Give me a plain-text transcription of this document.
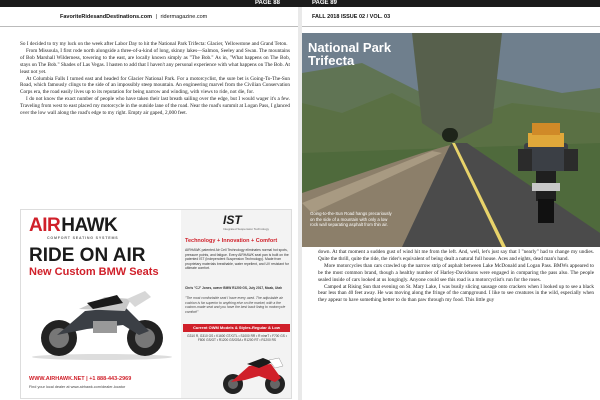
PAGE 88	PAGE 89
FavoriteRidesandDestinations.com | ridermagazine.com

So I decided to try my luck on the week after Labor Day to hit the National Park Trifecta: Glacier, Yellowstone and Grand Teton.

From Missoula, I first rode north alongside a three-of-a-kind of long, skinny lakes—Salmon, Seeley and Swan. The mountains of Bob Marshall Wilderness, towering to the east, are locally known simply as "The Bob." As in, "What happens on The Bob, stays on The Bob." Shades of Las Vegas. I hasten to add that I haven't any personal experience with what happens on The Bob. At least not yet.

At Columbia Falls I turned east and headed for Glacier National Park. For a motorcyclist, the sure bet is Going-To-The-Sun Road, which famously clings to the side of an impossibly steep mountain. An engineering marvel from the Civilian Conservation Corps era, the road easily lives up to its reputation for being narrow and winding, with views to ride, not die, for.

I do not know the exact number of people who have taken their last breath sailing over the edge, but I would wager it's a few. Traveling from west to east placed my motorcycle in the outside lane of the road. Near the road's summit at Logan Pass, I glanced over the low wall along the road's edge to my right. Empty air gaped, 2,000 feet.

AIRHAWK
COMFORT SEATING SYSTEMS
RIDE ON AIR
New Custom BMW Seats
WWW.AIRHAWK.NET | +1 888-443-2969
Find your local dealer at www.airhawk.com/dealer-locator
IST
Integrated Suspension Technology
Technology + Innovation + Comfort
AIRHAWK patented Air Cell Technology eliminates normal hot spots, pressure points, and fatigue. Every AIRHAWK seat pan is built on the patented IST (Independent Suspension Technology). Made from proprietary materials breathable, water repellent, and UV resistant for ultimate comfort.
Chris "CJ" Jones, owner BMW R1200 GS, July 2017, Moab, Utah
"The most comfortable seat I have every used. The adjustable air cushion is far superior to anything else on the market, with a the custom-made seat and you have the best back lining to motorcycle comfort!"
Current OWM Models & Styles-Regular & Low
G310 R, G310 GS • K1600 GT/GTL • S1000 RR • R nineT • F700 GS • F800 GS/GT • R1200 GS/GSA • R1200 RT • R1200 RS
FALL 2018 ISSUE 02 / VOL. 03
National Park
Trifecta
Going-to-the-Sun Road hangs precariously on the side of a mountain with only a low rock wall separating asphalt from thin air.

down. At that moment a sudden gust of wind hit me from the left. And, well, let's just say that I "nearly" had to change my undies. Quite the thrill, quite the ride, the rider's equivalent of being dealt a natural full house. Aces and eights, dead man's hand.

More motorcycles than cars crawled up the narrow strip of asphalt between Lake McDonald and Logan Pass. BMWs appeared to be the most common brand, though a healthy number of Harley-Davidsons were engaged in comparing the pass also. The people sealed inside of cars looked at us longingly. Anyone could see this road is a motorcyclist's run for the roses.

Camped at Rising Sun that evening on St. Mary Lake, I was busily slicing sausage onto crackers when I looked up to see a black bear less than 40 feet away. He was moving along the fringe of the campground. I like to see creatures in the wild, especially when they appear to have something better to do than paw through my food. This little guy
